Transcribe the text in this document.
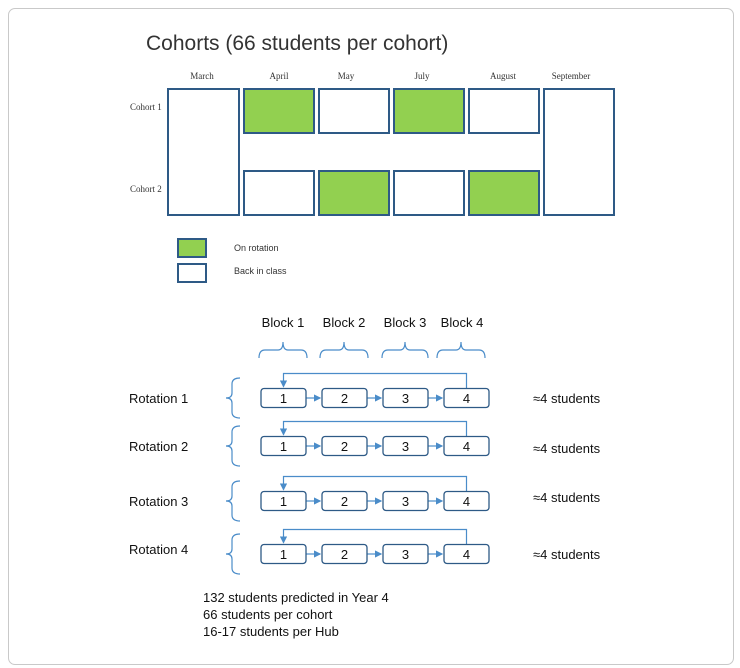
Cohorts (66 students per cohort)
March	April	May	July	August	September
Cohort 1
Cohort 2
On rotation
Back in class
Block 1 Block 2 Block 3 Block 4
Rotation 1
Rotation 2
Rotation 3
Rotation 4
≈4 students
≈4 students
≈4 students
≈4 students
132 students predicted in Year 4
66 students per cohort
16-17 students per Hub
1	2	3	4
1	2	3	4
1	2	3	4
1	2	3	4
